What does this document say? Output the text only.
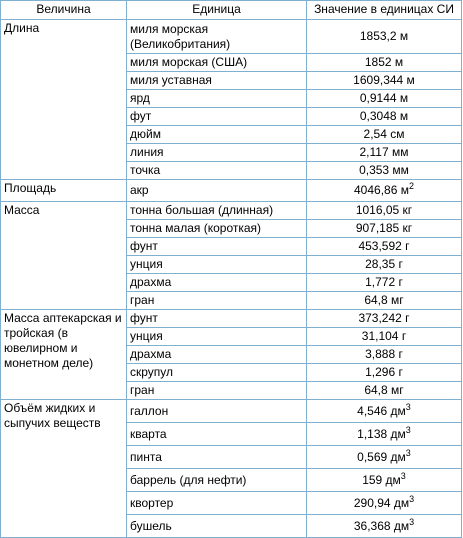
Величина	Единица	Значение в единицах СИ
Длина	миля морская (Великобритания)	1853,2 м
	миля морская (США)	1852 м
	миля уставная	1609,344 м
	ярд	0,9144 м
	фут	0,3048 м
	дюйм	2,54 см
	линия	2,117 мм
	точка	0,353 мм
Площадь	акр	4046,86 $м^2$
Масса	тонна большая (длинная)	1016,05 кг
	тонна малая (короткая)	907,185 кг
	фунт	453,592 г
	унция	28,35 г
	драхма	1,772 г
	гран	64,8 мг
Масса аптекарская и тройская (в ювелирном и монетном деле)	фунт	373,242 г
	унция	31,104 г
	драхма	3,888 г
	скрупул	1,296 г
	гран	64,8 мг
Объём жидких и сыпучих веществ	галлон	4,546 $дм^3$
	кварта	1,138 $дм^3$
	пинта	0,569 $дм^3$
	баррель (для нефти)	159 $дм^3$
	квортер	290,94 $дм^3$
	бушель	36,368 $дм^3$
